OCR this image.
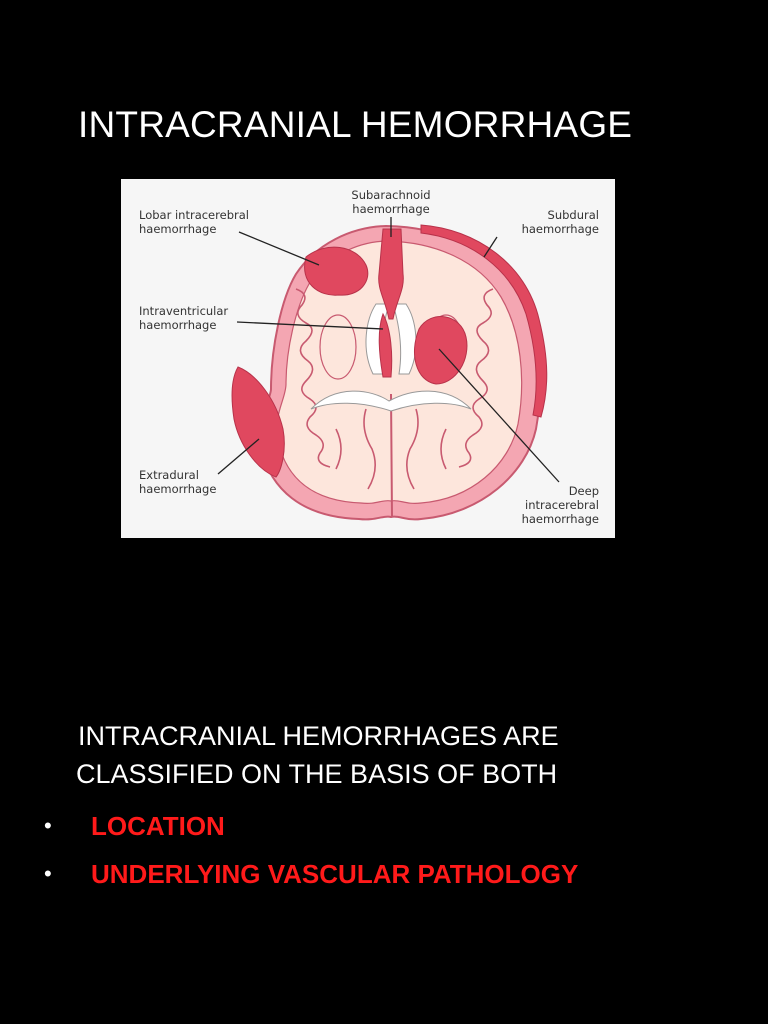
INTRACRANIAL HEMORRHAGE
Subarachnoid
haemorrhage
Lobar intracerebral
haemorrhage
Subdural
haemorrhage
Intraventricular
haemorrhage
Extradural
haemorrhage	Deep
intracerebral
haemorrhage
INTRACRANIAL HEMORRHAGES ARE
CLASSIFIED ON THE BASIS OF BOTH
• LOCATION
• UNDERLYING VASCULAR PATHOLOGY
